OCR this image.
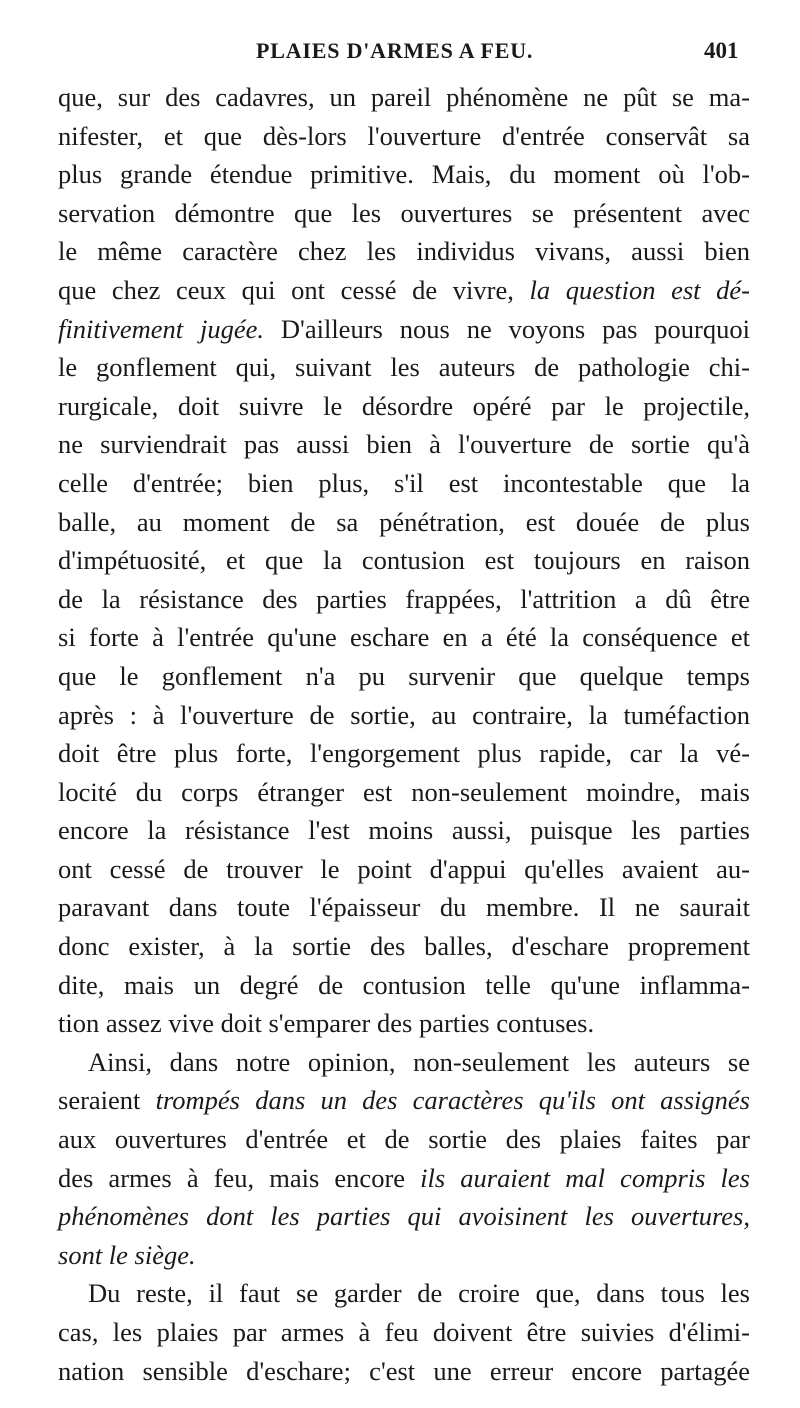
PLAIES D'ARMES A FEU.	401
que, sur des cadavres, un pareil phénomène ne pût se ma-
nifester, et que dès-lors l'ouverture d'entrée conservât sa
plus grande étendue primitive. Mais, du moment où l'ob-
servation démontre que les ouvertures se présentent avec
le même caractère chez les individus vivans, aussi bien
que chez ceux qui ont cessé de vivre, la question est dé-
finitivement jugée. D'ailleurs nous ne voyons pas pourquoi
le gonflement qui, suivant les auteurs de pathologie chi-
rurgicale, doit suivre le désordre opéré par le projectile,
ne surviendrait pas aussi bien à l'ouverture de sortie qu'à
celle d'entrée; bien plus, s'il est incontestable que la
balle, au moment de sa pénétration, est douée de plus
d'impétuosité, et que la contusion est toujours en raison
de la résistance des parties frappées, l'attrition a dû être
si forte à l'entrée qu'une eschare en a été la conséquence et
que le gonflement n'a pu survenir que quelque temps
après : à l'ouverture de sortie, au contraire, la tuméfaction
doit être plus forte, l'engorgement plus rapide, car la vé-
locité du corps étranger est non-seulement moindre, mais
encore la résistance l'est moins aussi, puisque les parties
ont cessé de trouver le point d'appui qu'elles avaient au-
paravant dans toute l'épaisseur du membre. Il ne saurait
donc exister, à la sortie des balles, d'eschare proprement
dite, mais un degré de contusion telle qu'une inflamma-
tion assez vive doit s'emparer des parties contuses.
Ainsi, dans notre opinion, non-seulement les auteurs se
seraient trompés dans un des caractères qu'ils ont assignés
aux ouvertures d'entrée et de sortie des plaies faites par
des armes à feu, mais encore ils auraient mal compris les
phénomènes dont les parties qui avoisinent les ouvertures,
sont le siège.
Du reste, il faut se garder de croire que, dans tous les
cas, les plaies par armes à feu doivent être suivies d'élimi-
nation sensible d'eschare; c'est une erreur encore partagée
